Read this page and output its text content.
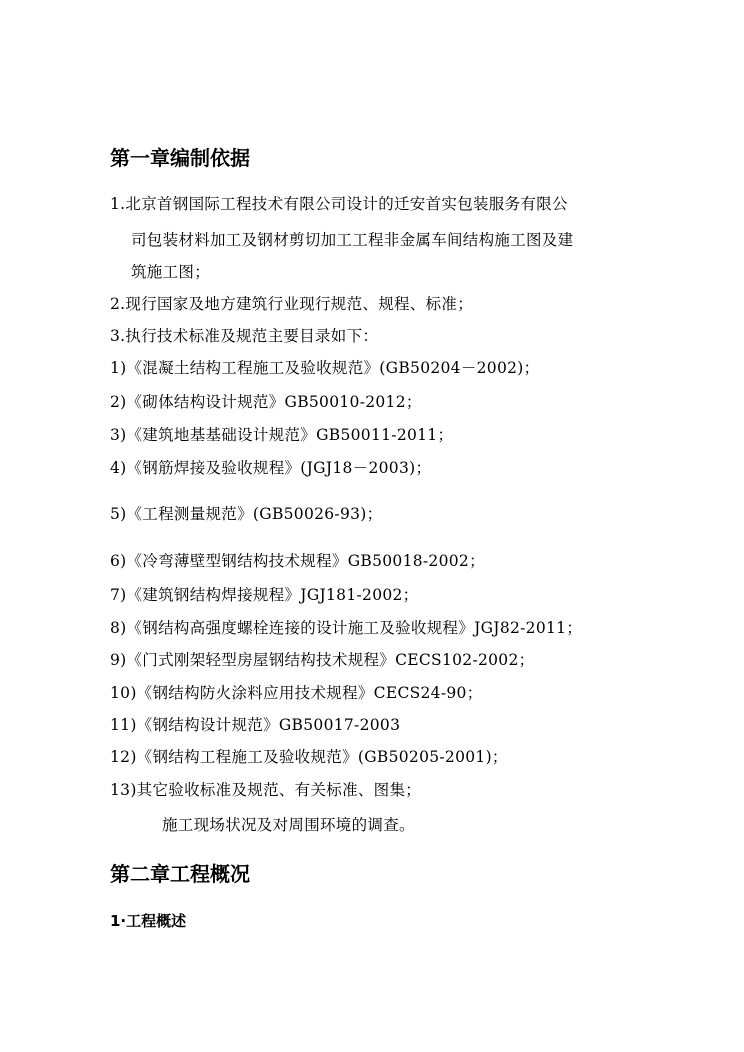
第一章编制依据
1.北京首钢国际工程技术有限公司设计的迁安首实包装服务有限公
司包装材料加工及钢材剪切加工工程非金属车间结构施工图及建
筑施工图；
2.现行国家及地方建筑行业现行规范、规程、标准；
3.执行技术标准及规范主要目录如下：
1)《混凝土结构工程施工及验收规范》(GB50204－2002)；
2)《砌体结构设计规范》GB50010-2012；
3)《建筑地基基础设计规范》GB50011-2011；
4)《钢筋焊接及验收规程》(JGJ18－2003)；
5)《工程测量规范》(GB50026-93)；
6)《冷弯薄壁型钢结构技术规程》GB50018-2002；
7)《建筑钢结构焊接规程》JGJ181-2002；
8)《钢结构高强度螺栓连接的设计施工及验收规程》JGJ82-2011；
9)《门式刚架轻型房屋钢结构技术规程》CECS102-2002；
10)《钢结构防火涂料应用技术规程》CECS24-90；
11)《钢结构设计规范》GB50017-2003
12)《钢结构工程施工及验收规范》(GB50205-2001)；
13)其它验收标准及规范、有关标准、图集；
施工现场状况及对周围环境的调查。
第二章工程概况
1·工程概述
